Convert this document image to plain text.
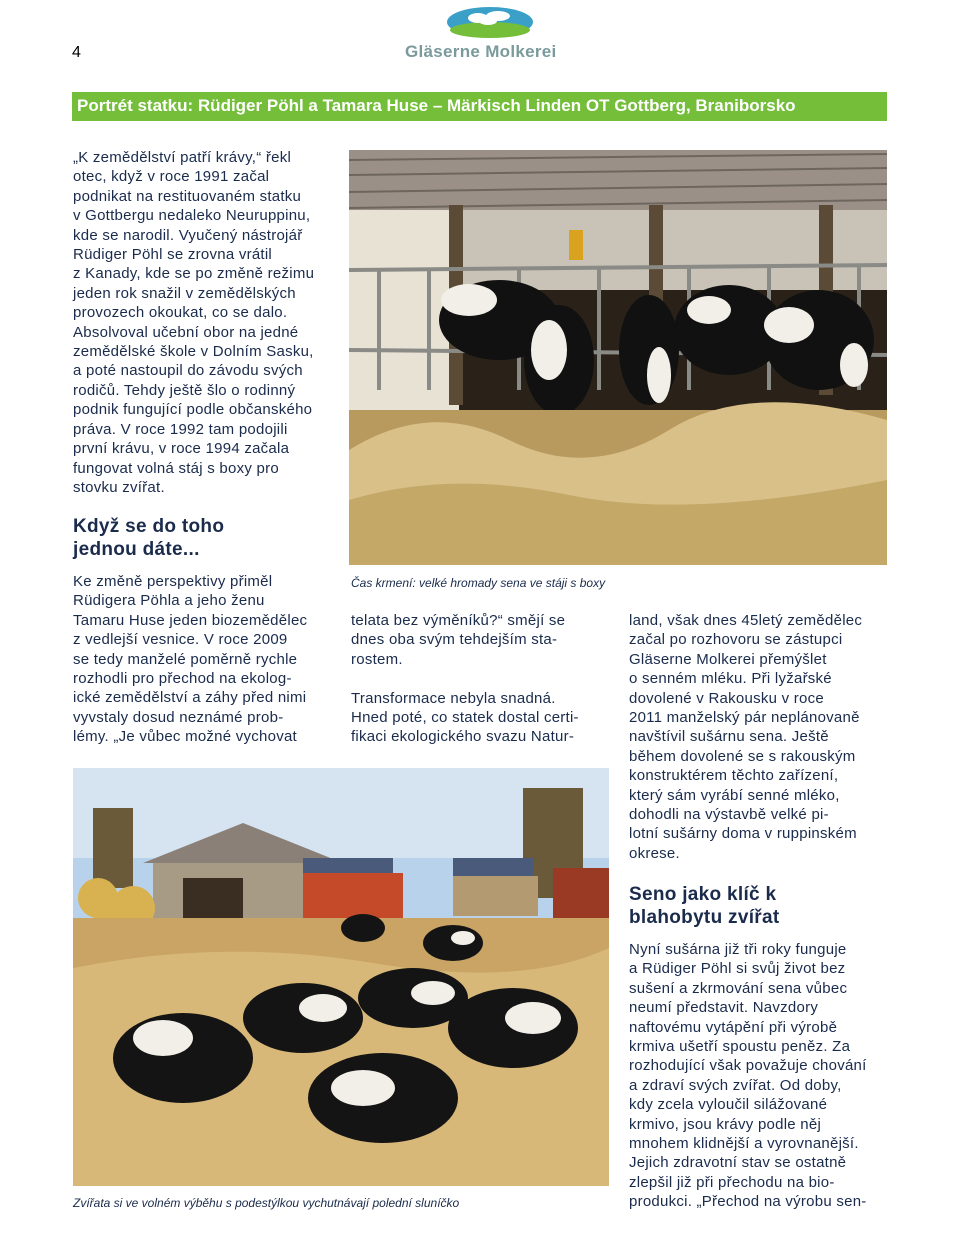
4	Gläserne Molkerei
Portrét statku: Rüdiger Pöhl a Tamara Huse – Märkisch Linden OT Gottberg, Braniborsko
„K zemědělství patří krávy,“ řekl
otec, když v roce 1991 začal
podnikat na restituovaném statku
v Gottbergu nedaleko Neuruppinu,
kde se narodil. Vyučený nástrojář
Rüdiger Pöhl se zrovna vrátil
z Kanady, kde se po změně režimu
jeden rok snažil v zemědělských
provozech okoukat, co se dalo.
Absolvoval učební obor na jedné
zemědělské škole v Dolním Sasku,
a poté nastoupil do závodu svých
rodičů. Tehdy ještě šlo o rodinný
podnik fungující podle občanského
práva. V roce 1992 tam podojili
první krávu, v roce 1994 začala
fungovat volná stáj s boxy pro
stovku zvířat.
Když se do toho
jednou dáte...
Ke změně perspektivy přiměl
Rüdigera Pöhla a jeho ženu
Tamaru Huse jeden biozemědělec
z vedlejší vesnice. V roce 2009
se tedy manželé poměrně rychle
rozhodli pro přechod na ekolog-
ické zemědělství a záhy před nimi
vyvstaly dosud neznámé prob-
lémy. „Je vůbec možné vychovat
Čas krmení: velké hromady sena ve stáji s boxy
telata bez výměníků?“ smějí se
dnes oba svým tehdejším sta-
rostem.

Transformace nebyla snadná.
Hned poté, co statek dostal certi-
fikaci ekologického svazu Natur-
land, však dnes 45letý zemědělec
začal po rozhovoru se zástupci
Gläserne Molkerei přemýšlet
o senném mléku. Při lyžařské
dovolené v Rakousku v roce
2011 manželský pár neplánovaně
navštívil sušárnu sena. Ještě
během dovolené se s rakouským
konstruktérem těchto zařízení,
který sám vyrábí senné mléko,
dohodli na výstavbě velké pi-
lotní sušárny doma v ruppinském
okrese.
Seno jako klíč k
blahobytu zvířat
Nyní sušárna již tři roky funguje
a Rüdiger Pöhl si svůj život bez
sušení a zkrmování sena vůbec
neumí představit. Navzdory
naftovému vytápění při výrobě
krmiva ušetří spoustu peněz. Za
rozhodující však považuje chování
a zdraví svých zvířat. Od doby,
kdy zcela vyloučil silážované
krmivo, jsou krávy podle něj
mnohem klidnější a vyrovnanější.
Jejich zdravotní stav se ostatně
zlepšil již při přechodu na bio-
produkci. „Přechod na výrobu sen-
Zvířata si ve volném výběhu s podestýlkou vychutnávají polední sluníčko
